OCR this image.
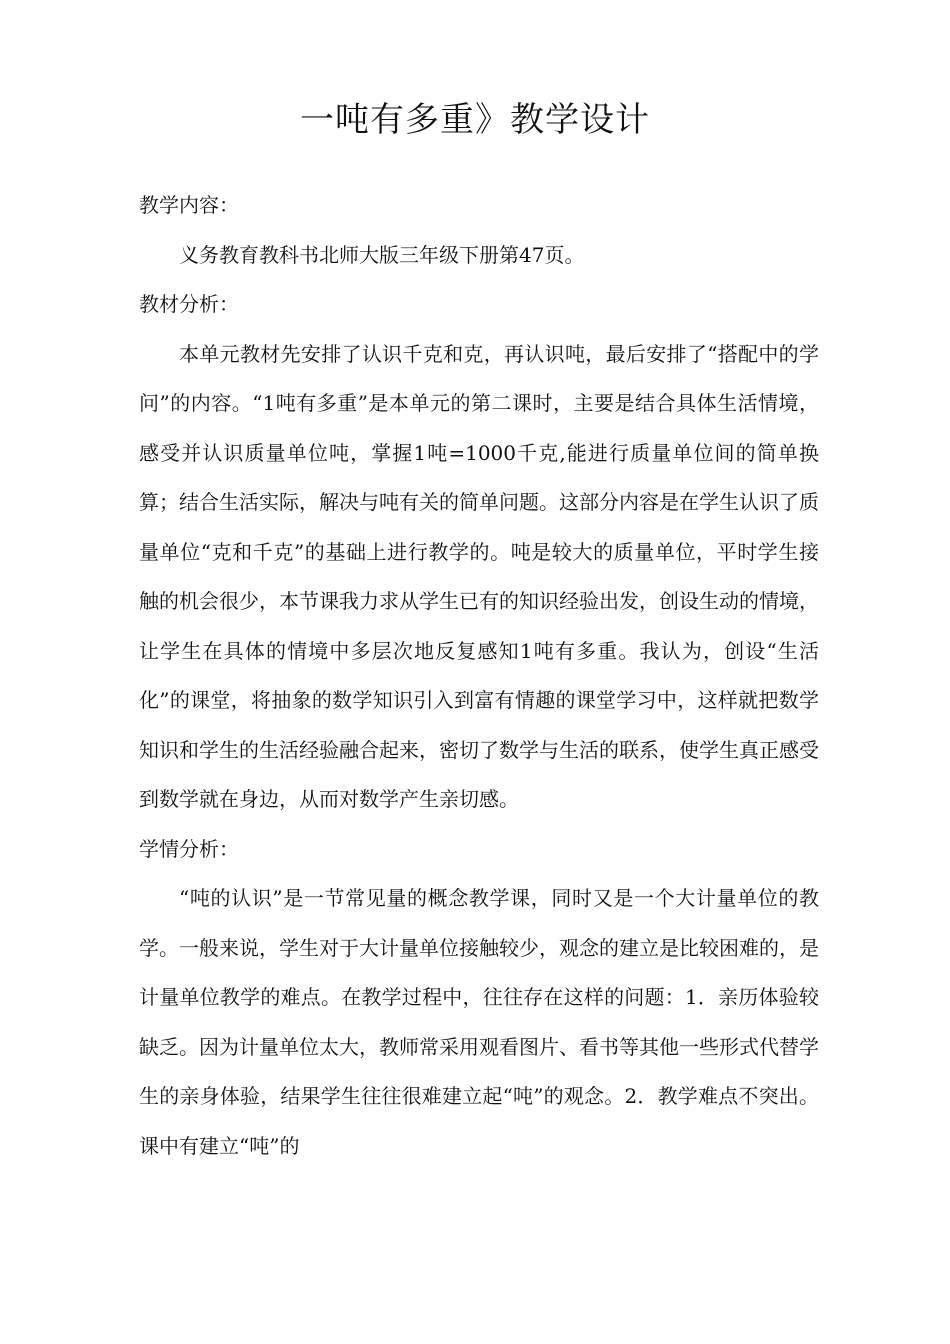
一吨有多重》教学设计

教学内容：

义务教育教科书北师大版三年级下册第47页。

教材分析：

本单元教材先安排了认识千克和克，再认识吨，最后安排了“搭配中的学问”的内容。“1吨有多重”是本单元的第二课时，主要是结合具体生活情境，感受并认识质量单位吨，掌握1吨=1000千克,能进行质量单位间的简单换算；结合生活实际，解决与吨有关的简单问题。这部分内容是在学生认识了质量单位“克和千克”的基础上进行教学的。吨是较大的质量单位，平时学生接触的机会很少，本节课我力求从学生已有的知识经验出发，创设生动的情境，让学生在具体的情境中多层次地反复感知1吨有多重。我认为，创设“生活化”的课堂，将抽象的数学知识引入到富有情趣的课堂学习中，这样就把数学知识和学生的生活经验融合起来，密切了数学与生活的联系，使学生真正感受到数学就在身边，从而对数学产生亲切感。

学情分析：

“吨的认识”是一节常见量的概念教学课，同时又是一个大计量单位的教学。一般来说，学生对于大计量单位接触较少，观念的建立是比较困难的，是计量单位教学的难点。在教学过程中，往往存在这样的问题：1．亲历体验较缺乏。因为计量单位太大，教师常采用观看图片、看书等其他一些形式代替学生的亲身体验，结果学生往往很难建立起“吨”的观念。2．教学难点不突出。课中有建立“吨”的
